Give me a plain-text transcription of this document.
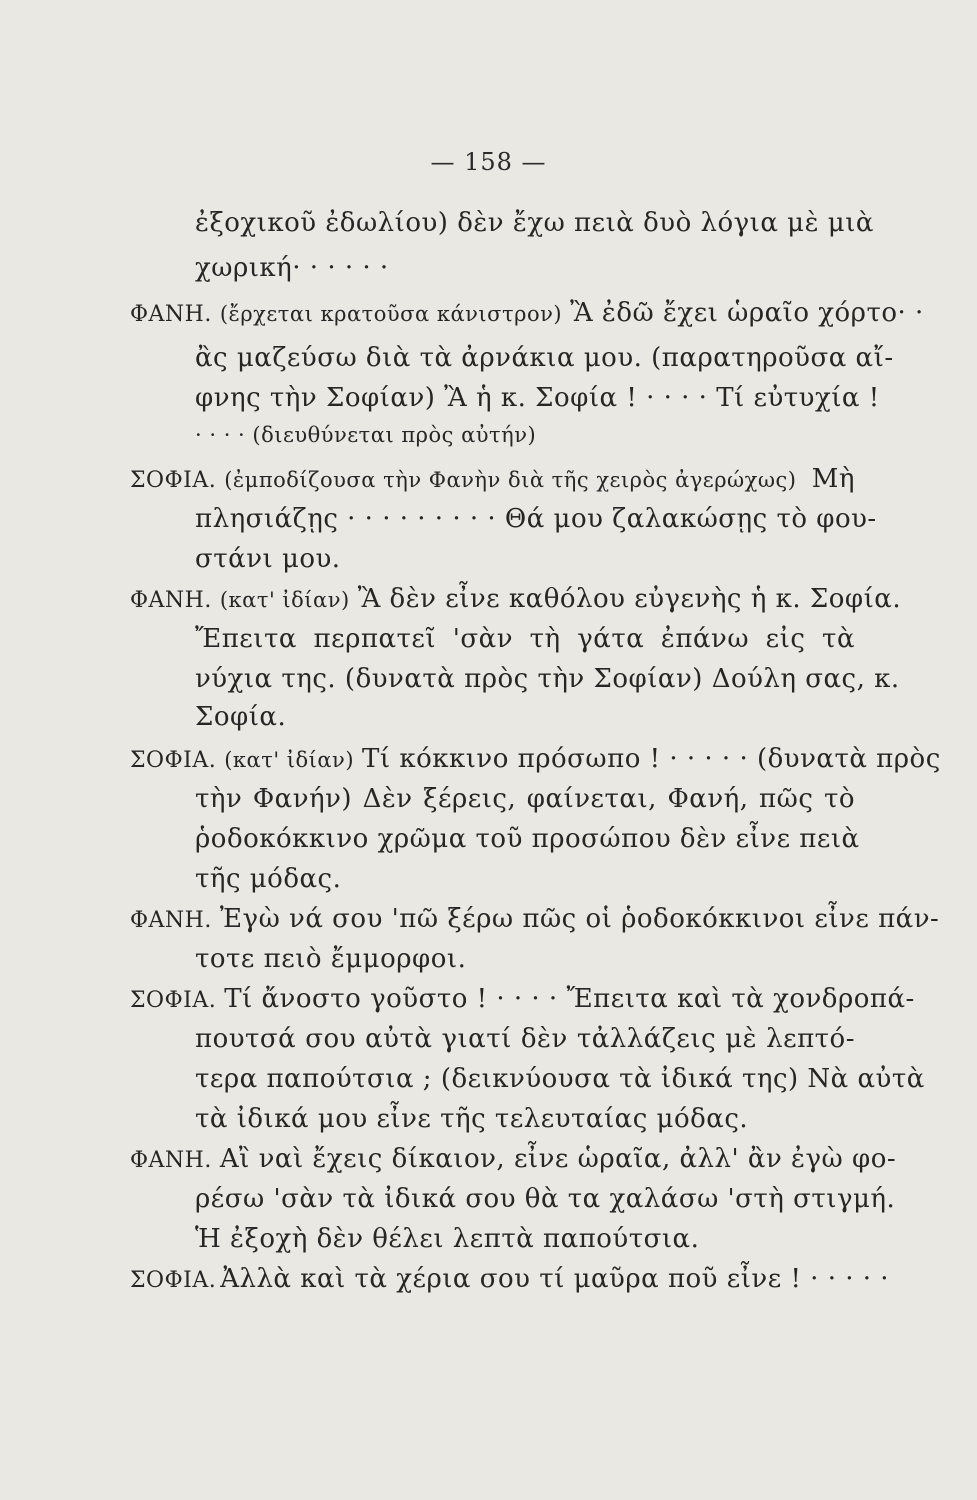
— 158 —
ἐξοχικοῦ ἐδωλίου) δὲν ἔχω πειὰ δυὸ λόγια μὲ μιὰ
χωρική· · · · · ·
ΦΑΝΗ. (ἔρχεται κρατοῦσα κάνιστρον) Ἂ ἐδῶ ἔχει ὡραῖο χόρτο· ·
ἂς μαζεύσω διὰ τὰ ἀρνάκια μου. (παρατηροῦσα αἴ-
φνης τὴν Σοφίαν) Ἂ ἡ κ. Σοφία ! · · · · Τί εὐτυχία !
· · · · (διευθύνεται πρὸς αὐτήν)
ΣΟΦΙΑ. (ἐμποδίζουσα τὴν Φανὴν διὰ τῆς χειρὸς ἀγερώχως) Μὴ
πλησιάζῃς · · · · · · · · · Θά μου ζαλακώσῃς τὸ φου-
στάνι μου.
ΦΑΝΗ. (κατ' ἰδίαν) Ἂ δὲν εἶνε καθόλου εὐγενὴς ἡ κ. Σοφία.
Ἔπειτα περπατεῖ 'σὰν τὴ γάτα ἐπάνω εἰς τὰ
νύχια της. (δυνατὰ πρὸς τὴν Σοφίαν) Δούλη σας, κ.
Σοφία.
ΣΟΦΙΑ. (κατ' ἰδίαν) Τί κόκκινο πρόσωπο ! · · · · · (δυνατὰ πρὸς
τὴν Φανήν) Δὲν ξέρεις, φαίνεται, Φανή, πῶς τὸ
ῥοδοκόκκινο χρῶμα τοῦ προσώπου δὲν εἶνε πειὰ
τῆς μόδας.
ΦΑΝΗ. Ἐγὼ νά σου 'πῶ ξέρω πῶς οἱ ῥοδοκόκκινοι εἶνε πάν-
τοτε πειὸ ἔμμορφοι.
ΣΟΦΙΑ. Τί ἄνοστο γοῦστο ! · · · · Ἔπειτα καὶ τὰ χονδροπά-
πουτσά σου αὐτὰ γιατί δὲν τἀλλάζεις μὲ λεπτό-
τερα παπούτσια ; (δεικνύουσα τὰ ἰδικά της) Νὰ αὐτὰ
τὰ ἰδικά μου εἶνε τῆς τελευταίας μόδας.
ΦΑΝΗ. Αἲ ναὶ ἔχεις δίκαιον, εἶνε ὡραῖα, ἀλλ' ἂν ἐγὼ φο-
ρέσω 'σὰν τὰ ἰδικά σου θὰ τα χαλάσω 'στὴ στιγμή.
Ἡ ἐξοχὴ δὲν θέλει λεπτὰ παπούτσια.
ΣΟΦΙΑ. Ἀλλὰ καὶ τὰ χέρια σου τί μαῦρα ποῦ εἶνε ! · · · · ·
